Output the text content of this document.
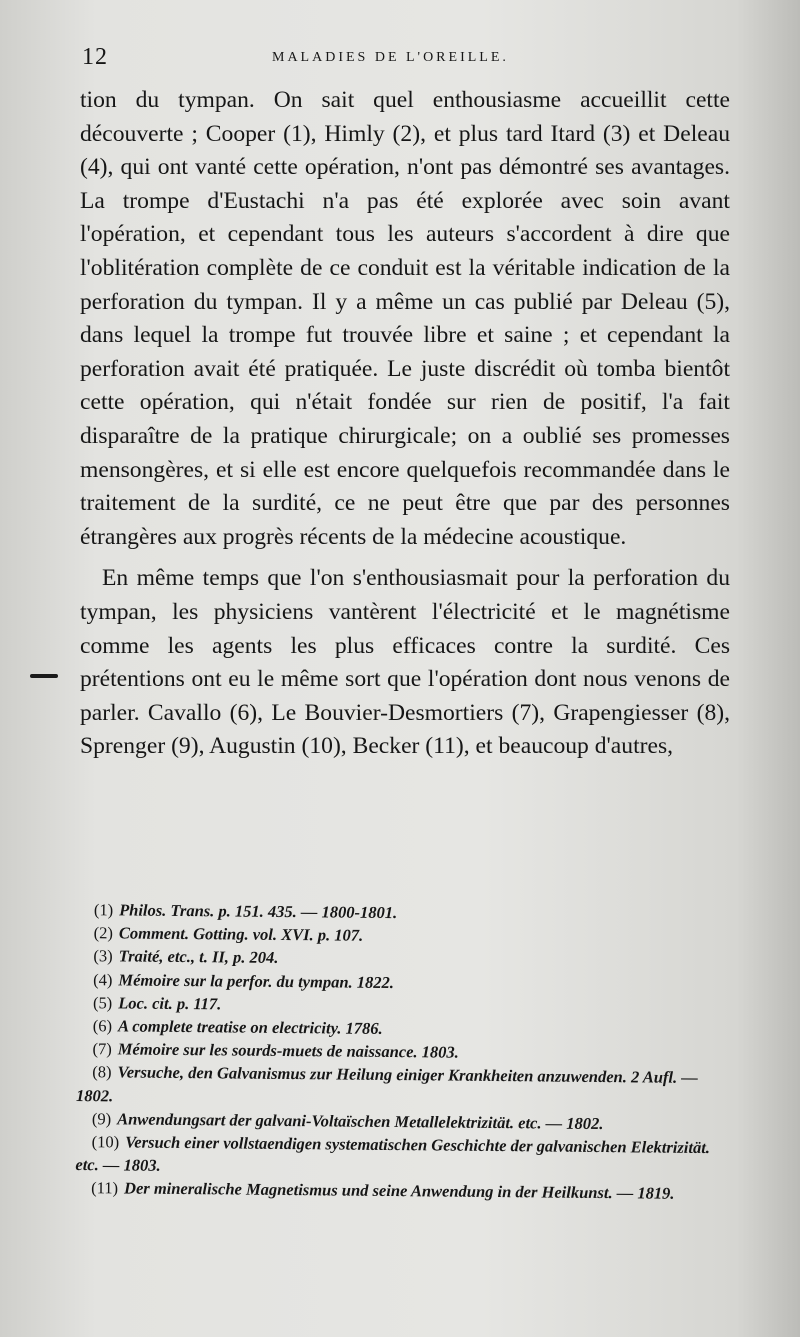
12	MALADIES DE L'OREILLE.

tion du tympan. On sait quel enthousiasme accueillit cette découverte ; Cooper (1), Himly (2), et plus tard Itard (3) et Deleau (4), qui ont vanté cette opération, n'ont pas démontré ses avantages. La trompe d'Eustachi n'a pas été explorée avec soin avant l'opération, et cependant tous les auteurs s'accordent à dire que l'oblitération complète de ce conduit est la véritable indication de la perforation du tympan. Il y a même un cas publié par Deleau (5), dans lequel la trompe fut trouvée libre et saine ; et cependant la perforation avait été pratiquée. Le juste discrédit où tomba bientôt cette opération, qui n'était fondée sur rien de positif, l'a fait disparaître de la pratique chirurgicale; on a oublié ses promesses mensongères, et si elle est encore quelquefois recommandée dans le traitement de la surdité, ce ne peut être que par des personnes étrangères aux progrès récents de la médecine acoustique.

En même temps que l'on s'enthousiasmait pour la perforation du tympan, les physiciens vantèrent l'électricité et le magnétisme comme les agents les plus efficaces contre la surdité. Ces prétentions ont eu le même sort que l'opération dont nous venons de parler. Cavallo (6), Le Bouvier-Desmortiers (7), Grapengiesser (8), Sprenger (9), Augustin (10), Becker (11), et beaucoup d'autres,

(1) Philos. Trans. p. 151. 435. — 1800-1801.

(2) Comment. Gotting. vol. XVI. p. 107.

(3) Traité, etc., t. II, p. 204.

(4) Mémoire sur la perfor. du tympan. 1822.

(5) Loc. cit. p. 117.

(6) A complete treatise on electricity. 1786.

(7) Mémoire sur les sourds-muets de naissance. 1803.

(8) Versuche, den Galvanismus zur Heilung einiger Krankheiten anzuwenden. 2 Aufl. — 1802.

(9) Anwendungsart der galvani-Voltaïschen Metallelektrizität. etc. — 1802.

(10) Versuch einer vollstaendigen systematischen Geschichte der galvanischen Elektrizität. etc. — 1803.

(11) Der mineralische Magnetismus und seine Anwendung in der Heilkunst. — 1819.
